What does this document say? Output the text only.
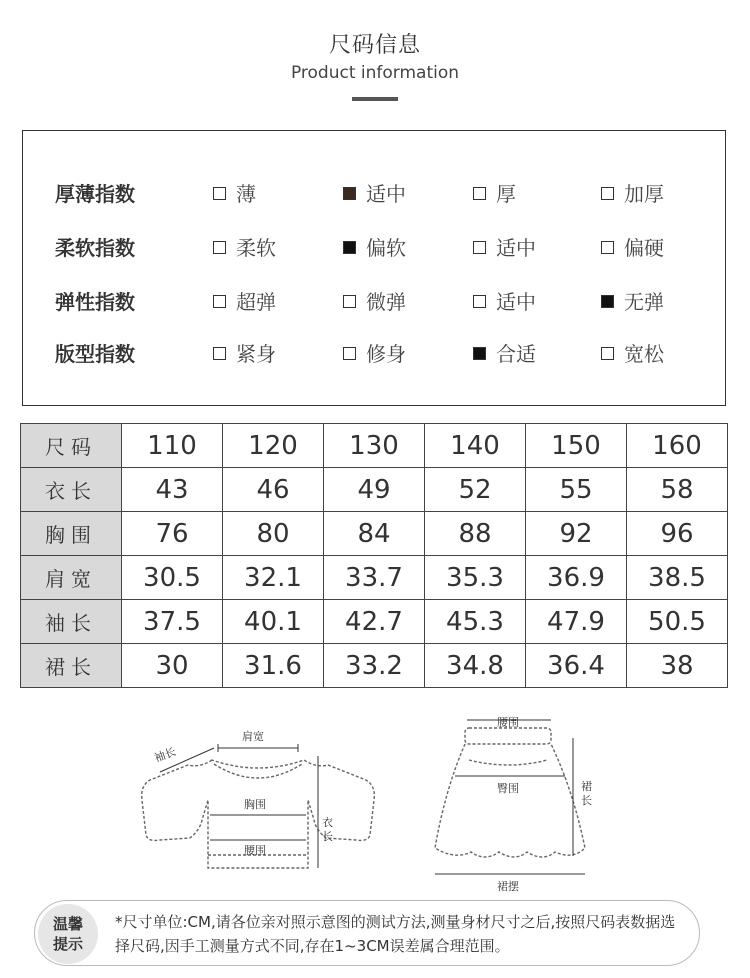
尺码信息
Product information
厚薄指数	薄	适中	厚	加厚
柔软指数	柔软	偏软	适中	偏硬
弹性指数	超弹	微弹	适中	无弹
版型指数	紧身	修身	合适	宽松
尺码	110	120	130	140	150	160
衣长	43	46	49	52	55	58
胸围	76	80	84	88	92	96
肩宽	30.5	32.1	33.7	35.3	36.9	38.5
袖长	37.5	40.1	42.7	45.3	47.9	50.5
裙长	30	31.6	33.2	34.8	36.4	38
肩宽
袖长
胸围
腰围
衣
长
腰围
臀围	裙
长
裙摆
温馨
提示
*尺寸单位:CM,请各位亲对照示意图的测试方法,测量身材尺寸之后,按照尺码表数据选择尺码,因手工测量方式不同,存在1~3CM误差属合理范围。
